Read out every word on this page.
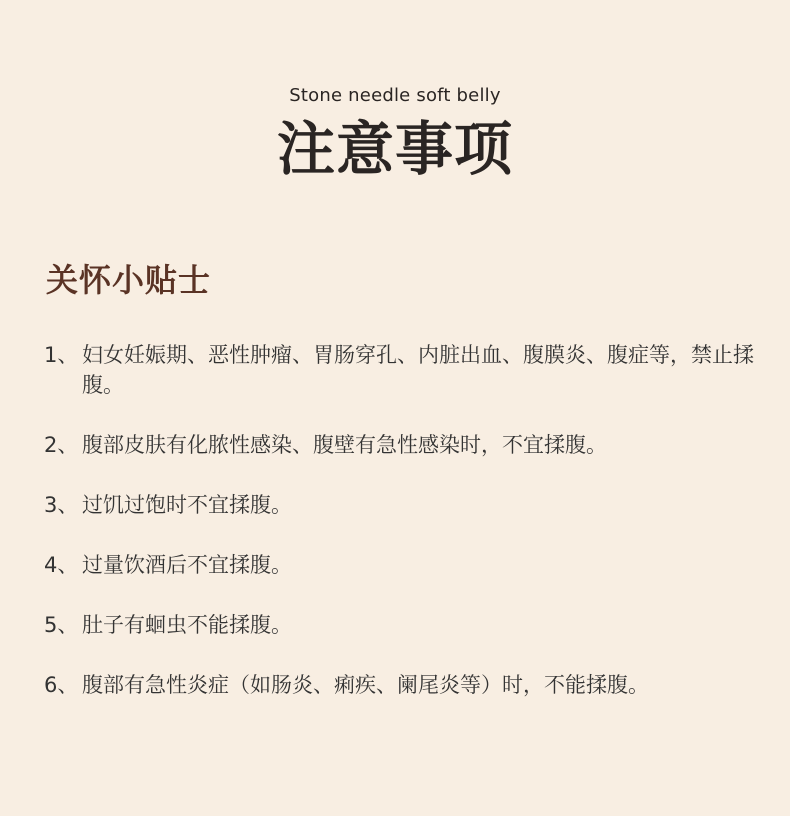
Stone needle soft belly
注意事项
关怀小贴士
1、 妇女妊娠期、恶性肿瘤、胃肠穿孔、内脏出血、腹膜炎、腹症等，禁止揉腹。
2、 腹部皮肤有化脓性感染、腹壁有急性感染时，不宜揉腹。
3、 过饥过饱时不宜揉腹。
4、 过量饮酒后不宜揉腹。
5、 肚子有蛔虫不能揉腹。
6、 腹部有急性炎症（如肠炎、痢疾、阑尾炎等）时，不能揉腹。
